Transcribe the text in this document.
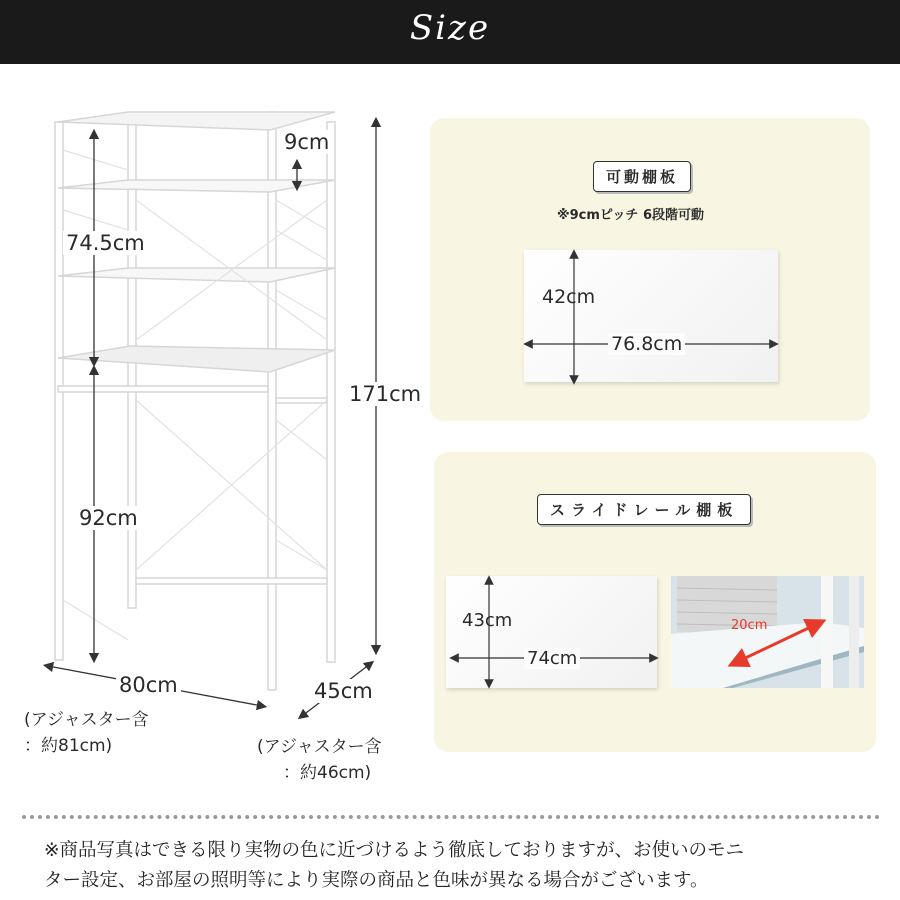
Size
9cm
74.5cm
171cm
92cm
80cm	45cm
(アジャスター含
：約81cm)	(アジャスター含
：約46cm)
可動棚板
※9cmピッチ 6段階可動
42cm
76.8cm
スライドレール棚板
43cm
74cm
20cm
※商品写真はできる限り実物の色に近づけるよう徹底しておりますが、お使いのモニ
ター設定、お部屋の照明等により実際の商品と色味が異なる場合がございます。
